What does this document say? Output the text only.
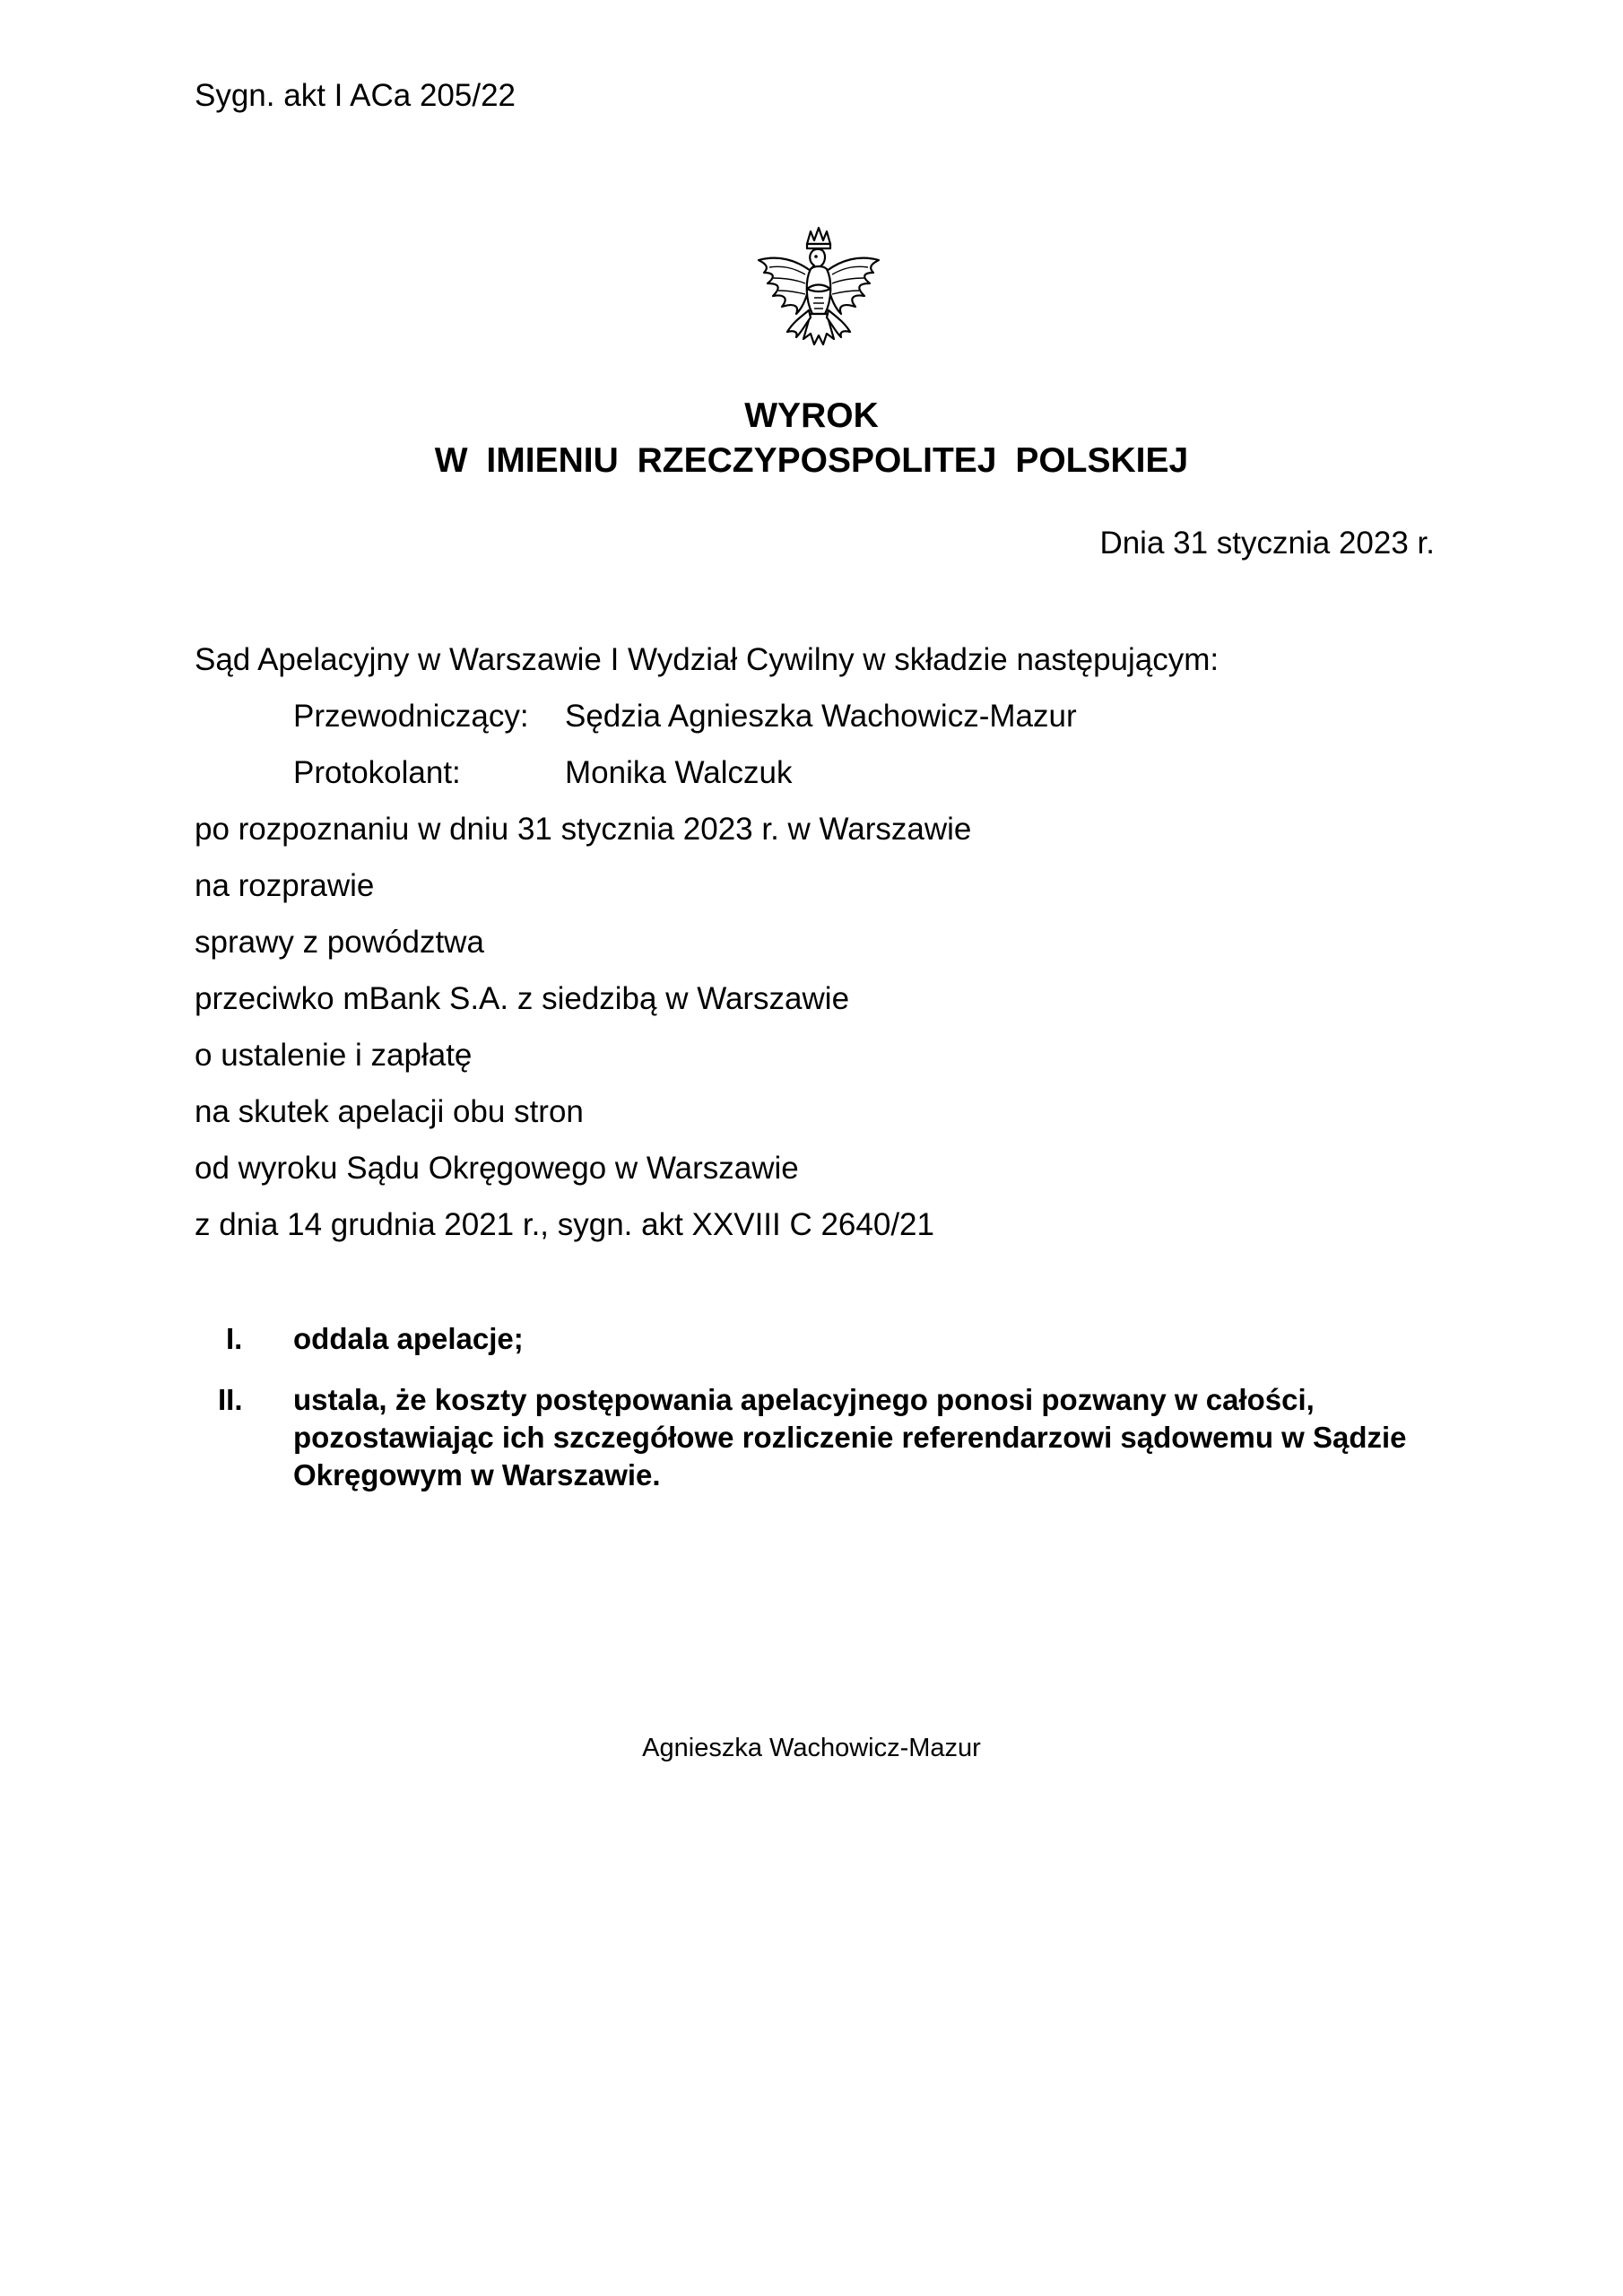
Sygn. akt I ACa 205/22
WYROK
W IMIENIU RZECZYPOSPOLITEJ POLSKIEJ
Dnia 31 stycznia 2023 r.
Sąd Apelacyjny w Warszawie I Wydział Cywilny w składzie następującym:
Przewodniczący: Sędzia Agnieszka Wachowicz-Mazur
Protokolant:	Monika Walczuk
po rozpoznaniu w dniu 31 stycznia 2023 r. w Warszawie
na rozprawie
sprawy z powództwa
przeciwko mBank S.A. z siedzibą w Warszawie
o ustalenie i zapłatę
na skutek apelacji obu stron
od wyroku Sądu Okręgowego w Warszawie
z dnia 14 grudnia 2021 r., sygn. akt XXVIII C 2640/21
I. oddala apelacje;
II. ustala, że koszty postępowania apelacyjnego ponosi pozwany w całości, pozostawiając ich szczegółowe rozliczenie referendarzowi sądowemu w Sądzie Okręgowym w Warszawie.
Agnieszka Wachowicz-Mazur
